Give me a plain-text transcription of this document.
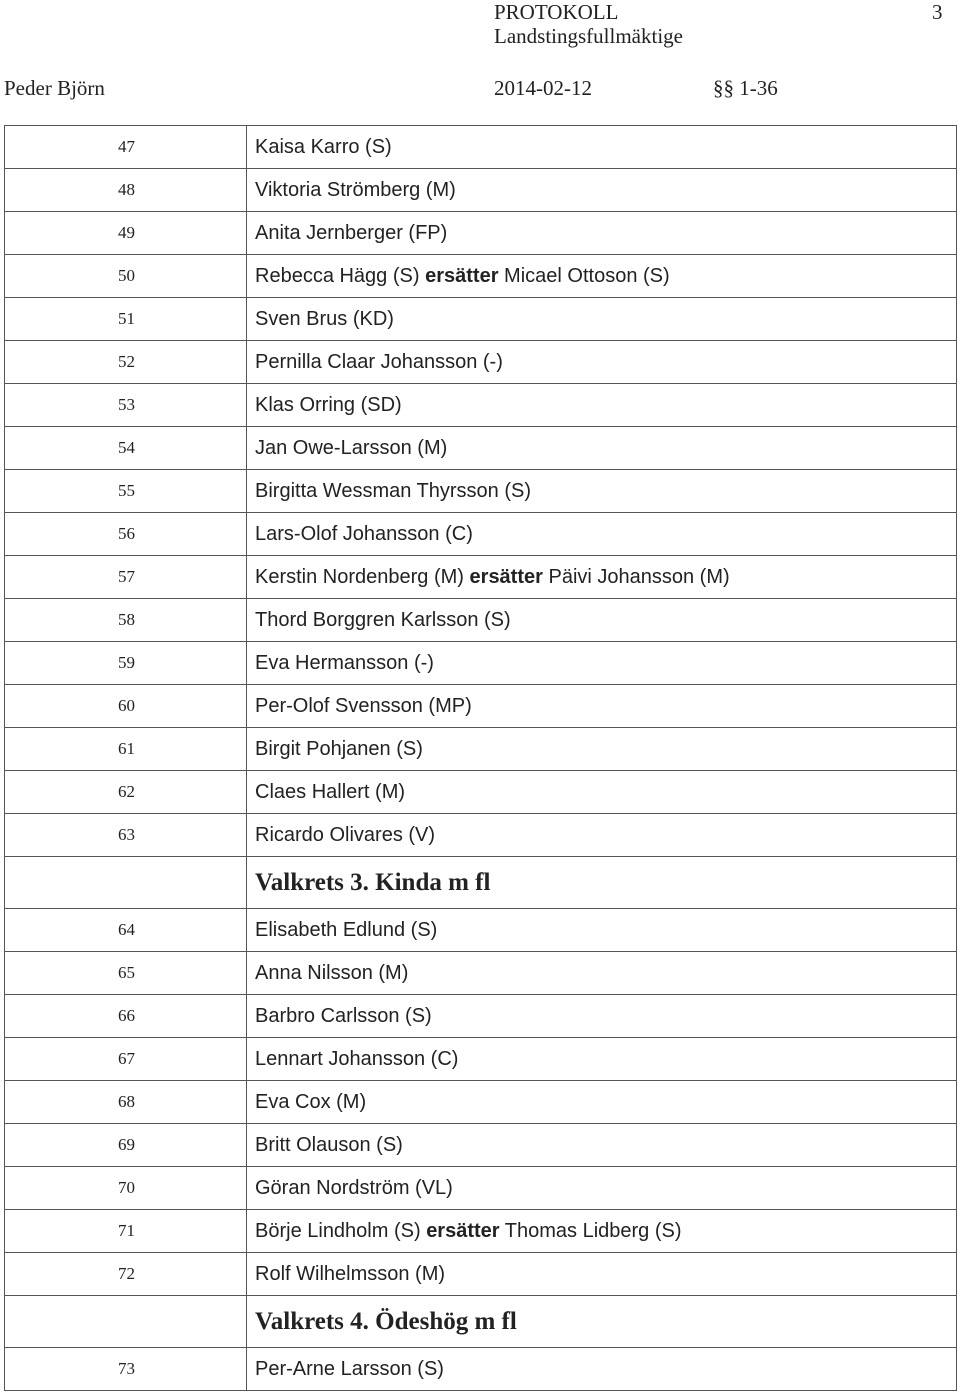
PROTOKOLL	3
Landstingsfullmäktige
Peder Björn	2014-02-12	§§ 1-36
47	Kaisa Karro (S)
48	Viktoria Strömberg (M)
49	Anita Jernberger (FP)
50	Rebecca Hägg (S) ersätter Micael Ottoson (S)
51	Sven Brus (KD)
52	Pernilla Claar Johansson (-)
53	Klas Orring (SD)
54	Jan Owe-Larsson (M)
55	Birgitta Wessman Thyrsson (S)
56	Lars-Olof Johansson (C)
57	Kerstin Nordenberg (M) ersätter Päivi Johansson (M)
58	Thord Borggren Karlsson (S)
59	Eva Hermansson (-)
60	Per-Olof Svensson (MP)
61	Birgit Pohjanen (S)
62	Claes Hallert (M)
63	Ricardo Olivares (V)
	Valkrets 3. Kinda m fl
64	Elisabeth Edlund (S)
65	Anna Nilsson (M)
66	Barbro Carlsson (S)
67	Lennart Johansson (C)
68	Eva Cox (M)
69	Britt Olauson (S)
70	Göran Nordström (VL)
71	Börje Lindholm (S) ersätter Thomas Lidberg (S)
72	Rolf Wilhelmsson (M)
	Valkrets 4. Ödeshög m fl
73	Per-Arne Larsson (S)
